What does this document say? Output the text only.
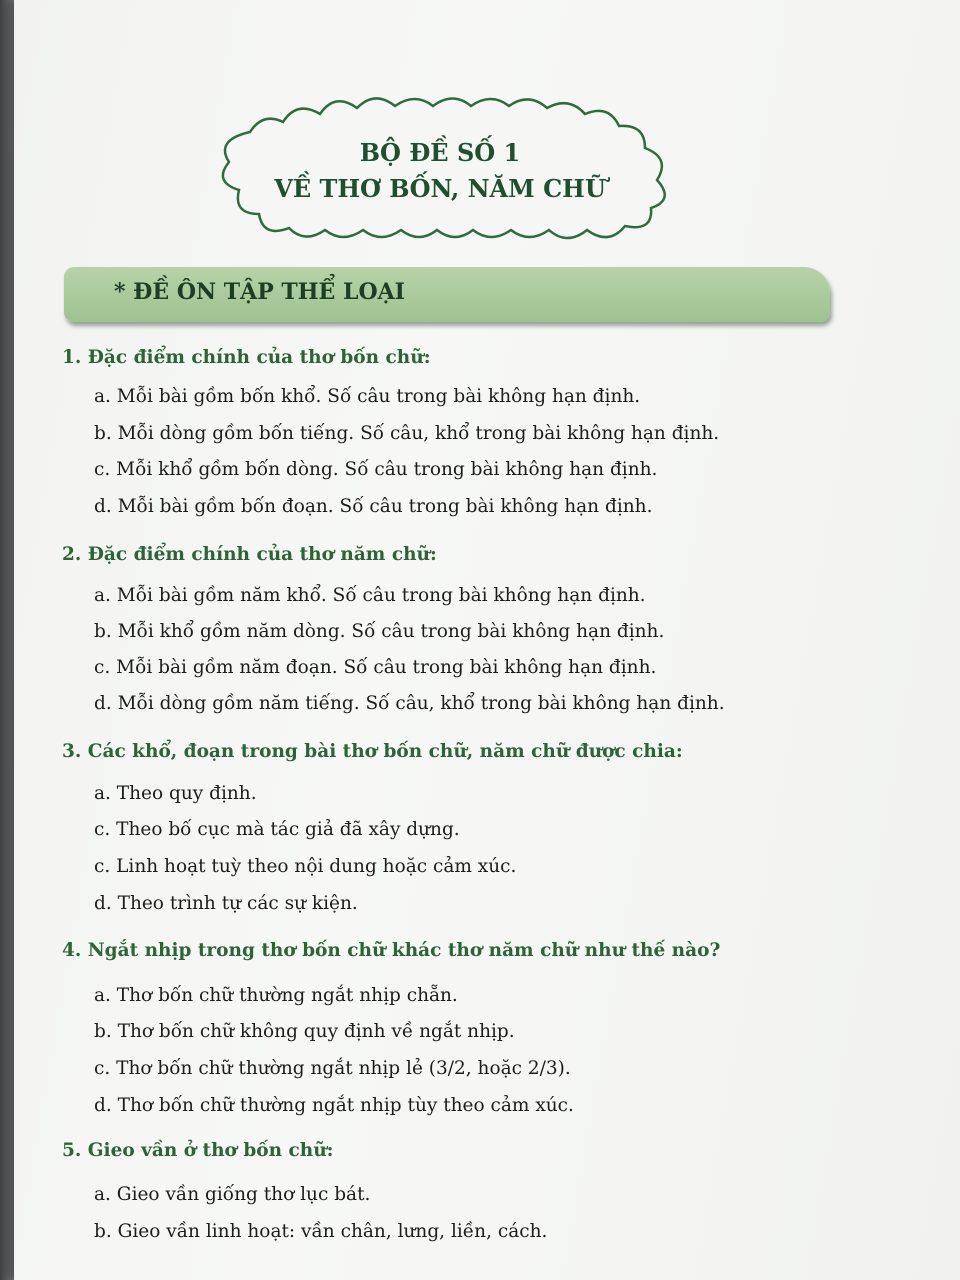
BỘ ĐỀ SỐ 1
VỀ THƠ BỐN, NĂM CHỮ
* ĐỀ ÔN TẬP THỂ LOẠI
1. Đặc điểm chính của thơ bốn chữ:
a. Mỗi bài gồm bốn khổ. Số câu trong bài không hạn định.
b. Mỗi dòng gồm bốn tiếng. Số câu, khổ trong bài không hạn định.
c. Mỗi khổ gồm bốn dòng. Số câu trong bài không hạn định.
d. Mỗi bài gồm bốn đoạn. Số câu trong bài không hạn định.
2. Đặc điểm chính của thơ năm chữ:
a. Mỗi bài gồm năm khổ. Số câu trong bài không hạn định.
b. Mỗi khổ gồm năm dòng. Số câu trong bài không hạn định.
c. Mỗi bài gồm năm đoạn. Số câu trong bài không hạn định.
d. Mỗi dòng gồm năm tiếng. Số câu, khổ trong bài không hạn định.
3. Các khổ, đoạn trong bài thơ bốn chữ, năm chữ được chia:
a. Theo quy định.
c. Theo bố cục mà tác giả đã xây dựng.
c. Linh hoạt tuỳ theo nội dung hoặc cảm xúc.
d. Theo trình tự các sự kiện.
4. Ngắt nhịp trong thơ bốn chữ khác thơ năm chữ như thế nào?
a. Thơ bốn chữ thường ngắt nhịp chẵn.
b. Thơ bốn chữ không quy định về ngắt nhịp.
c. Thơ bốn chữ thường ngắt nhịp lẻ (3/2, hoặc 2/3).
d. Thơ bốn chữ thường ngắt nhịp tùy theo cảm xúc.
5. Gieo vần ở thơ bốn chữ:
a. Gieo vần giống thơ lục bát.
b. Gieo vần linh hoạt: vần chân, lưng, liền, cách.
